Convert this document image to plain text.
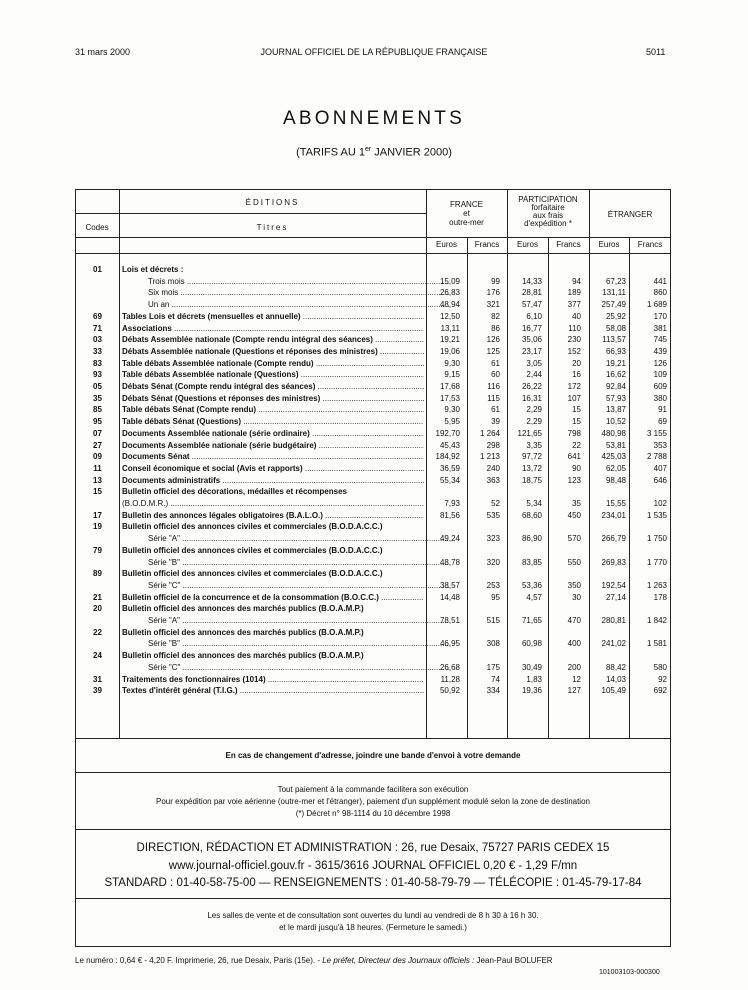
31 mars 2000	JOURNAL OFFICIEL DE LA RÉPUBLIQUE FRANÇAISE	5011
ABONNEMENTS
(TARIFS AU 1er JANVIER 2000)
ÉDITIONS
Codes	Titres
FRANCE
et
outre-mer
PARTICIPATION
forfaitaire
aux frais
d'expédition *
ÉTRANGER
Euros	Francs	Euros	Francs	Euros	Francs
01	Lois et décrets :
Trois mois .....	15,09	99	14,33	94	67,23	441
Six mois .....	26,83	176	28,81	189	131,11	860
Un an .....	48,94	321	57,47	377	257,49	1 689
69	Tables Lois et décrets (mensuelles et annuelle) .....	12,50	82	6,10	40	25,92	170
71	Associations .....	13,11	86	16,77	110	58,08	381
03	Débats Assemblée nationale (Compte rendu intégral des séances) .....	19,21	126	35,06	230	113,57	745
33	Débats Assemblée nationale (Questions et réponses des ministres) .....	19,06	125	23,17	152	66,93	439
83	Table débats Assemblée nationale (Compte rendu) .....	9,30	61	3,05	20	19,21	126
93	Table débats Assemblée nationale (Questions) .....	9,15	60	2,44	16	16,62	109
05	Débats Sénat (Compte rendu intégral des séances) .....	17,68	116	26,22	172	92,84	609
35	Débats Sénat (Questions et réponses des ministres) .....	17,53	115	16,31	107	57,93	380
85	Table débats Sénat (Compte rendu) .....	9,30	61	2,29	15	13,87	91
95	Table débats Sénat (Questions) .....	5,95	39	2,29	15	10,52	69
07	Documents Assemblée nationale (série ordinaire) .....	192,70	1 264	121,65	798	480,98	3 155
27	Documents Assemblée nationale (série budgétaire) .....	45,43	298	3,35	22	53,81	353
09	Documents Sénat .....	184,92	1 213	97,72	641	425,03	2 788
11	Conseil économique et social (Avis et rapports) .....	36,59	240	13,72	90	62,05	407
13	Documents administratifs .....	55,34	363	18,75	123	98,48	646
15	Bulletin officiel des décorations, médailles et récompenses
(B.O.D.M.R.) .....	7,93	52	5,34	35	15,55	102
17	Bulletin des annonces légales obligatoires (B.A.L.O.) .....	81,56	535	68,60	450	234,01	1 535
19	Bulletin officiel des annonces civiles et commerciales (B.O.D.A.C.C.)
Série "A" .....	49,24	323	86,90	570	266,79	1 750
79	Bulletin officiel des annonces civiles et commerciales (B.O.D.A.C.C.)
Série "B" .....	48,78	320	83,85	550	269,83	1 770
89	Bulletin officiel des annonces civiles et commerciales (B.O.D.A.C.C.)
Série "C" .....	38,57	253	53,36	350	192,54	1 263
21	Bulletin officiel de la concurrence et de la consommation (B.O.C.C.) .....	14,48	95	4,57	30	27,14	178
20	Bulletin officiel des annonces des marchés publics (B.O.A.M.P.)
Série "A" .....	78,51	515	71,65	470	280,81	1 842
22	Bulletin officiel des annonces des marchés publics (B.O.A.M.P.)
Série "B" .....	46,95	308	60,98	400	241,02	1 581
24	Bulletin officiel des annonces des marchés publics (B.O.A.M.P.)
Série "C" .....	26,68	175	30,49	200	88,42	580
31	Traitements des fonctionnaires (1014) .....	11,28	74	1,83	12	14,03	92
39	Textes d'intérêt général (T.I.G.) .....	50,92	334	19,36	127	105,49	692
En cas de changement d'adresse, joindre une bande d'envoi à votre demande
Tout paiement à la commande facilitera son exécution
Pour expédition par voie aérienne (outre-mer et l'étranger), paiement d'un supplément modulé selon la zone de destination
(*) Décret n° 98-1114 du 10 décembre 1998
DIRECTION, RÉDACTION ET ADMINISTRATION : 26, rue Desaix, 75727 PARIS CEDEX 15
www.journal-officiel.gouv.fr - 3615/3616 JOURNAL OFFICIEL 0,20 € - 1,29 F/mn
STANDARD : 01-40-58-75-00 — RENSEIGNEMENTS : 01-40-58-79-79 — TÉLÉCOPIE : 01-45-79-17-84
Les salles de vente et de consultation sont ouvertes du lundi au vendredi de 8 h 30 à 16 h 30.
et le mardi jusqu'à 18 heures. (Fermeture le samedi.)
Le numéro : 0,64 € - 4,20 F. Imprimerie, 26, rue Desaix, Paris (15e). - Le préfet, Directeur des Journaux officiels : Jean-Paul BOLUFER
101003103-000300
